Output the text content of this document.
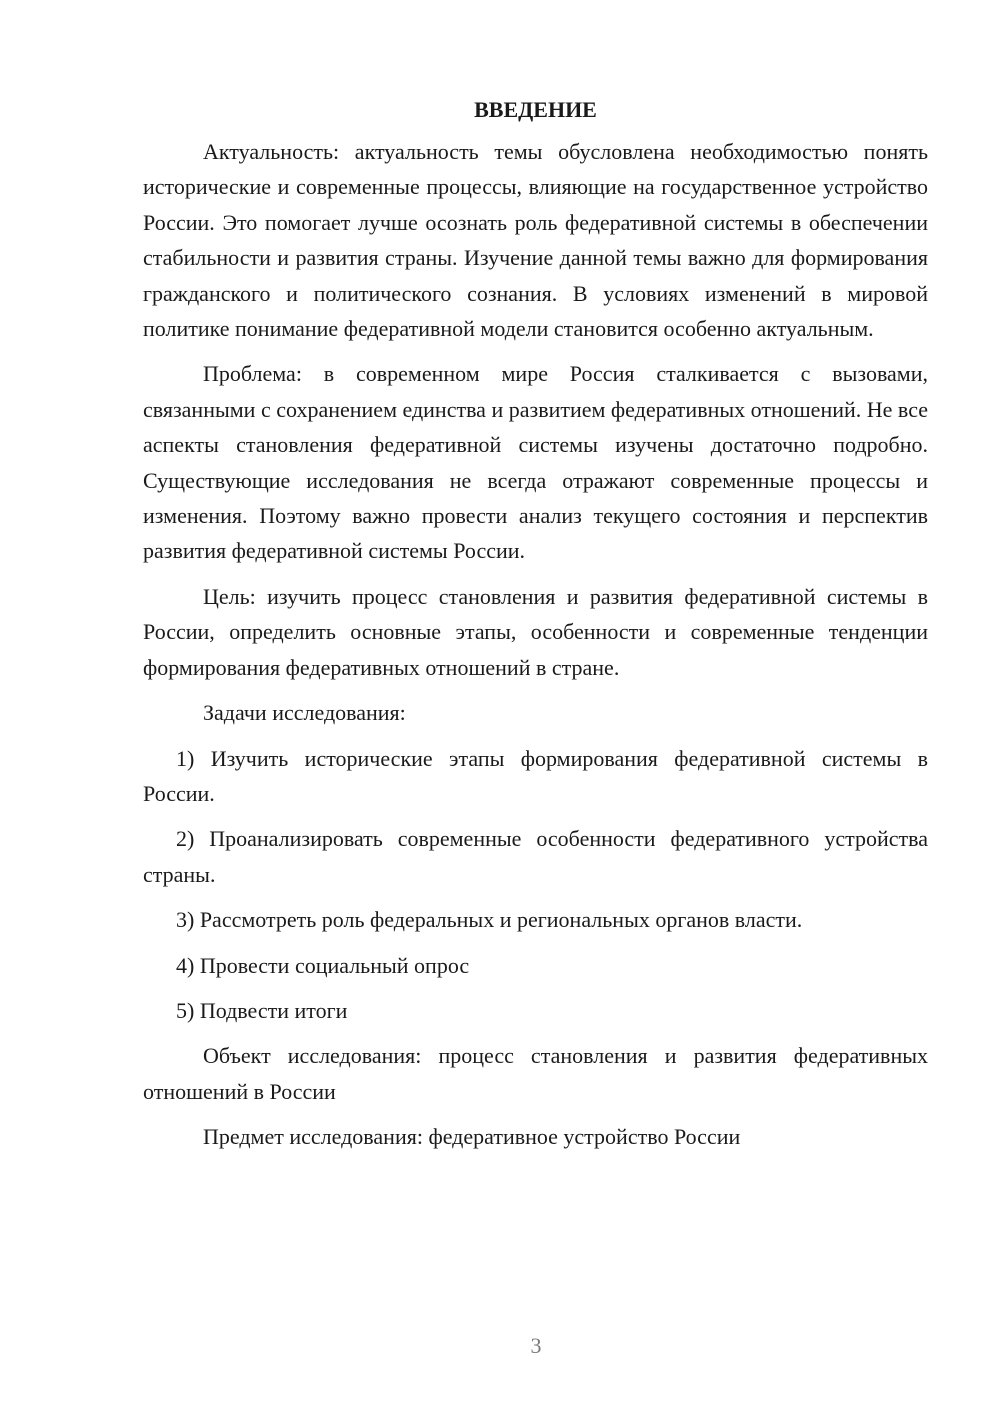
ВВЕДЕНИЕ

Актуальность: актуальность темы обусловлена необходимостью понять исторические и современные процессы, влияющие на государственное устройство России. Это помогает лучше осознать роль федеративной системы в обеспечении стабильности и развития страны. Изучение данной темы важно для формирования гражданского и политического сознания. В условиях изменений в мировой политике понимание федеративной модели становится особенно актуальным.

Проблема: в современном мире Россия сталкивается с вызовами, связанными с сохранением единства и развитием федеративных отношений. Не все аспекты становления федеративной системы изучены достаточно подробно. Существующие исследования не всегда отражают современные процессы и изменения. Поэтому важно провести анализ текущего состояния и перспектив развития федеративной системы России.

Цель: изучить процесс становления и развития федеративной системы в России, определить основные этапы, особенности и современные тенденции формирования федеративных отношений в стране.

Задачи исследования:

1) Изучить исторические этапы формирования федеративной системы в России.

2) Проанализировать современные особенности федеративного устройства страны.

3) Рассмотреть роль федеральных и региональных органов власти.

4) Провести социальный опрос

5) Подвести итоги

Объект исследования: процесс становления и развития федеративных отношений в России

Предмет исследования: федеративное устройство России

3
